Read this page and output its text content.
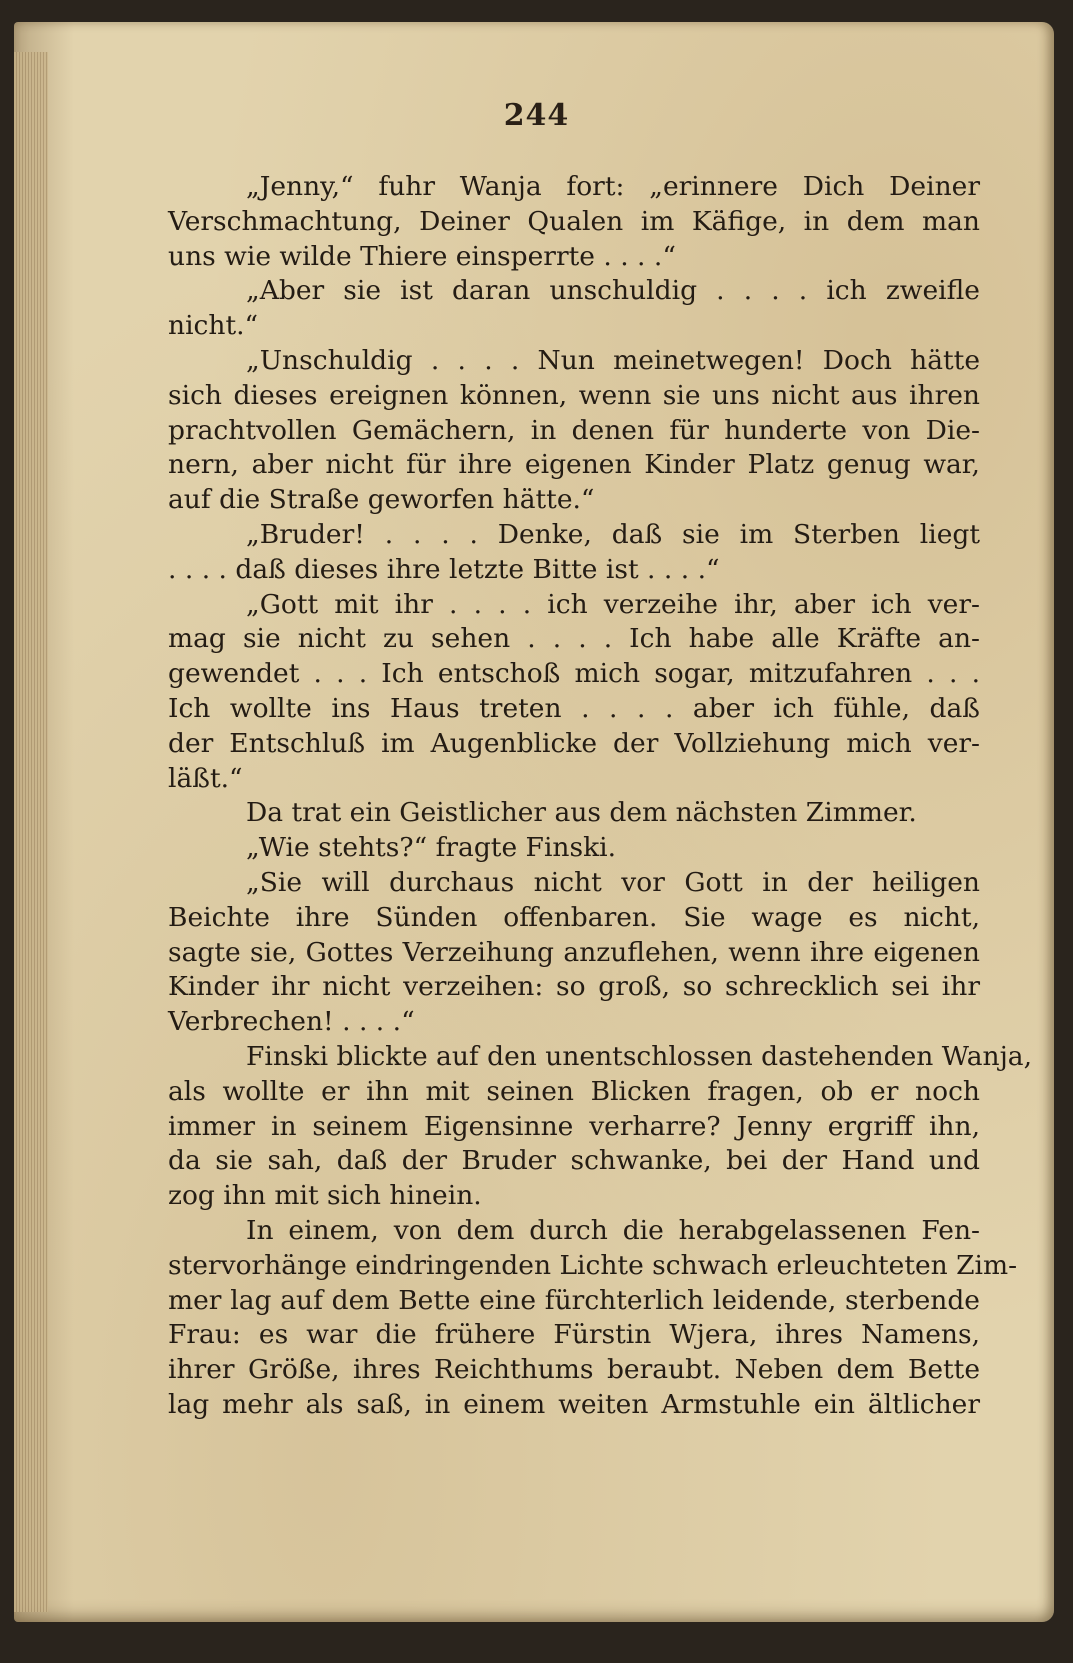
244
„Jenny,“ fuhr Wanja fort: „erinnere Dich Deiner
Verschmachtung, Deiner Qualen im Käfige, in dem man
uns wie wilde Thiere einsperrte . . . .“
„Aber sie ist daran unschuldig . . . . ich zweifle
nicht.“
„Unschuldig . . . . Nun meinetwegen! Doch hätte
sich dieses ereignen können, wenn sie uns nicht aus ihren
prachtvollen Gemächern, in denen für hunderte von Die-
nern, aber nicht für ihre eigenen Kinder Platz genug war,
auf die Straße geworfen hätte.“
„Bruder! . . . . Denke, daß sie im Sterben liegt
. . . . daß dieses ihre letzte Bitte ist . . . .“
„Gott mit ihr . . . . ich verzeihe ihr, aber ich ver-
mag sie nicht zu sehen . . . . Ich habe alle Kräfte an-
gewendet . . . Ich entschoß mich sogar, mitzufahren . . .
Ich wollte ins Haus treten . . . . aber ich fühle, daß
der Entschluß im Augenblicke der Vollziehung mich ver-
läßt.“
Da trat ein Geistlicher aus dem nächsten Zimmer.
„Wie stehts?“ fragte Finski.
„Sie will durchaus nicht vor Gott in der heiligen
Beichte ihre Sünden offenbaren. Sie wage es nicht,
sagte sie, Gottes Verzeihung anzuflehen, wenn ihre eigenen
Kinder ihr nicht verzeihen: so groß, so schrecklich sei ihr
Verbrechen! . . . .“
Finski blickte auf den unentschlossen dastehenden Wanja,
als wollte er ihn mit seinen Blicken fragen, ob er noch
immer in seinem Eigensinne verharre? Jenny ergriff ihn,
da sie sah, daß der Bruder schwanke, bei der Hand und
zog ihn mit sich hinein.
In einem, von dem durch die herabgelassenen Fen-
stervorhänge eindringenden Lichte schwach erleuchteten Zim-
mer lag auf dem Bette eine fürchterlich leidende, sterbende
Frau: es war die frühere Fürstin Wjera, ihres Namens,
ihrer Größe, ihres Reichthums beraubt. Neben dem Bette
lag mehr als saß, in einem weiten Armstuhle ein ältlicher
